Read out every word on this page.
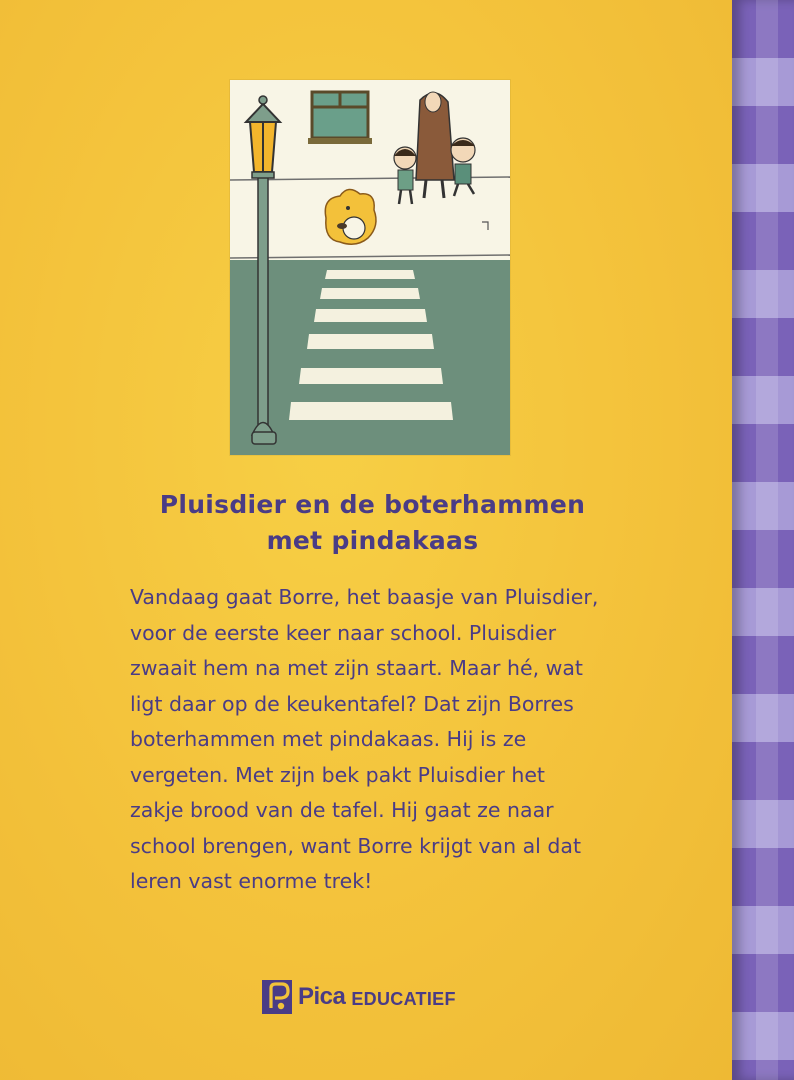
Pluisdier en de boterhammen
met pindakaas
Vandaag gaat Borre, het baasje van Pluisdier,
voor de eerste keer naar school. Pluisdier
zwaait hem na met zijn staart. Maar hé, wat
ligt daar op de keukentafel? Dat zijn Borres
boterhammen met pindakaas. Hij is ze
vergeten. Met zijn bek pakt Pluisdier het
zakje brood van de tafel. Hij gaat ze naar
school brengen, want Borre krijgt van al dat
leren vast enorme trek!
Pica EDUCATIEF
